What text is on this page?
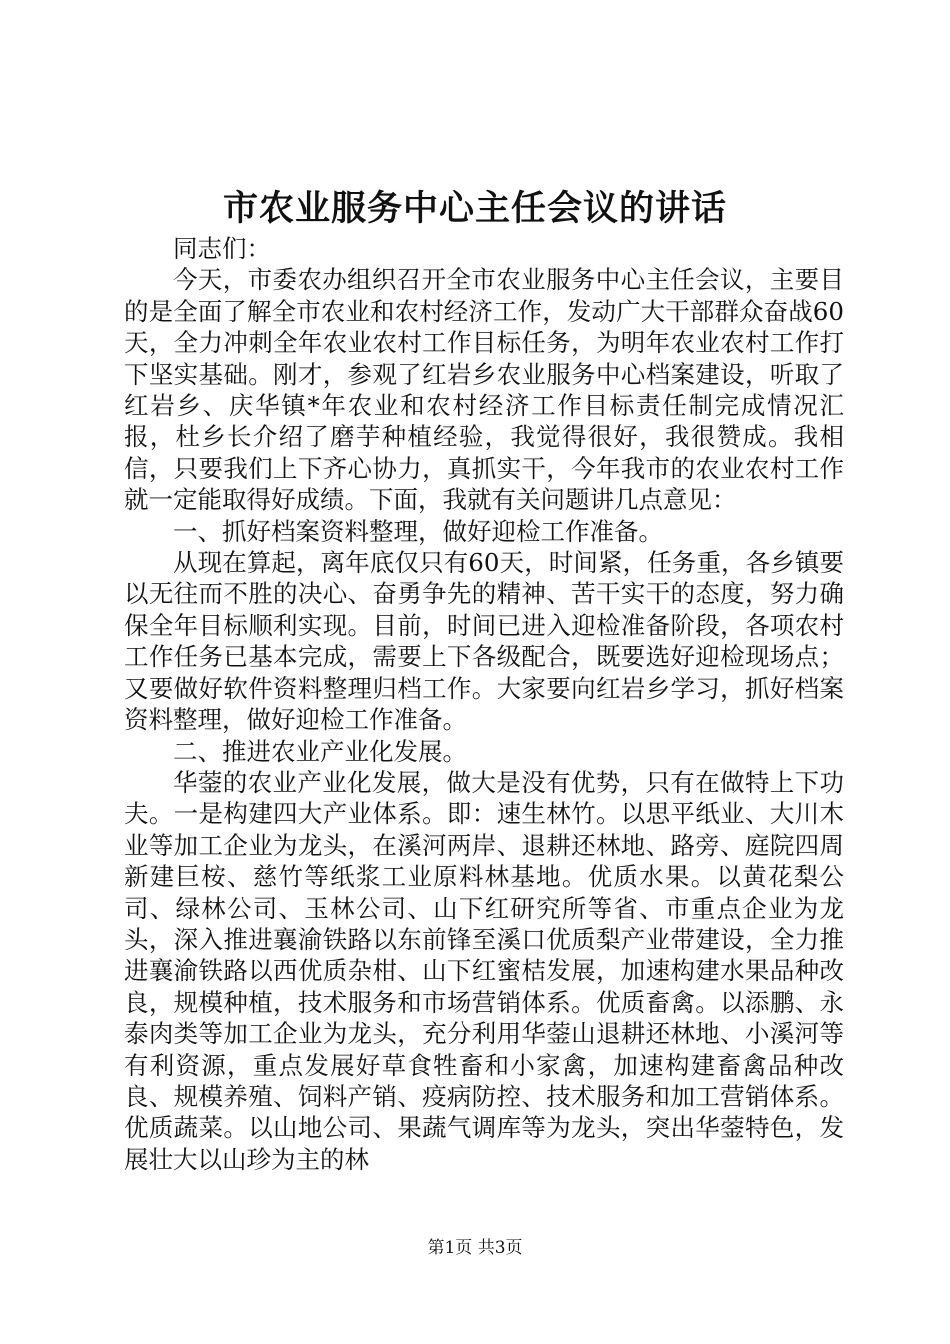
市农业服务中心主任会议的讲话

同志们：

今天，市委农办组织召开全市农业服务中心主任会议，主要目的是全面了解全市农业和农村经济工作，发动广大干部群众奋战60天，全力冲刺全年农业农村工作目标任务，为明年农业农村工作打下坚实基础。刚才，参观了红岩乡农业服务中心档案建设，听取了红岩乡、庆华镇*年农业和农村经济工作目标责任制完成情况汇报，杜乡长介绍了磨芋种植经验，我觉得很好，我很赞成。我相信，只要我们上下齐心协力，真抓实干，今年我市的农业农村工作就一定能取得好成绩。下面，我就有关问题讲几点意见：

一、抓好档案资料整理，做好迎检工作准备。

从现在算起，离年底仅只有60天，时间紧，任务重，各乡镇要以无往而不胜的决心、奋勇争先的精神、苦干实干的态度，努力确保全年目标顺利实现。目前，时间已进入迎检准备阶段，各项农村工作任务已基本完成，需要上下各级配合，既要选好迎检现场点；又要做好软件资料整理归档工作。大家要向红岩乡学习，抓好档案资料整理，做好迎检工作准备。

二、推进农业产业化发展。

华蓥的农业产业化发展，做大是没有优势，只有在做特上下功夫。一是构建四大产业体系。即：速生林竹。以思平纸业、大川木业等加工企业为龙头，在溪河两岸、退耕还林地、路旁、庭院四周新建巨桉、慈竹等纸浆工业原料林基地。优质水果。以黄花梨公司、绿林公司、玉林公司、山下红研究所等省、市重点企业为龙头，深入推进襄渝铁路以东前锋至溪口优质梨产业带建设，全力推进襄渝铁路以西优质杂柑、山下红蜜桔发展，加速构建水果品种改良，规模种植，技术服务和市场营销体系。优质畜禽。以添鹏、永泰肉类等加工企业为龙头，充分利用华蓥山退耕还林地、小溪河等有利资源，重点发展好草食牲畜和小家禽，加速构建畜禽品种改良、规模养殖、饲料产销、疫病防控、技术服务和加工营销体系。优质蔬菜。以山地公司、果蔬气调库等为龙头，突出华蓥特色，发展壮大以山珍为主的林

第1页 共3页
